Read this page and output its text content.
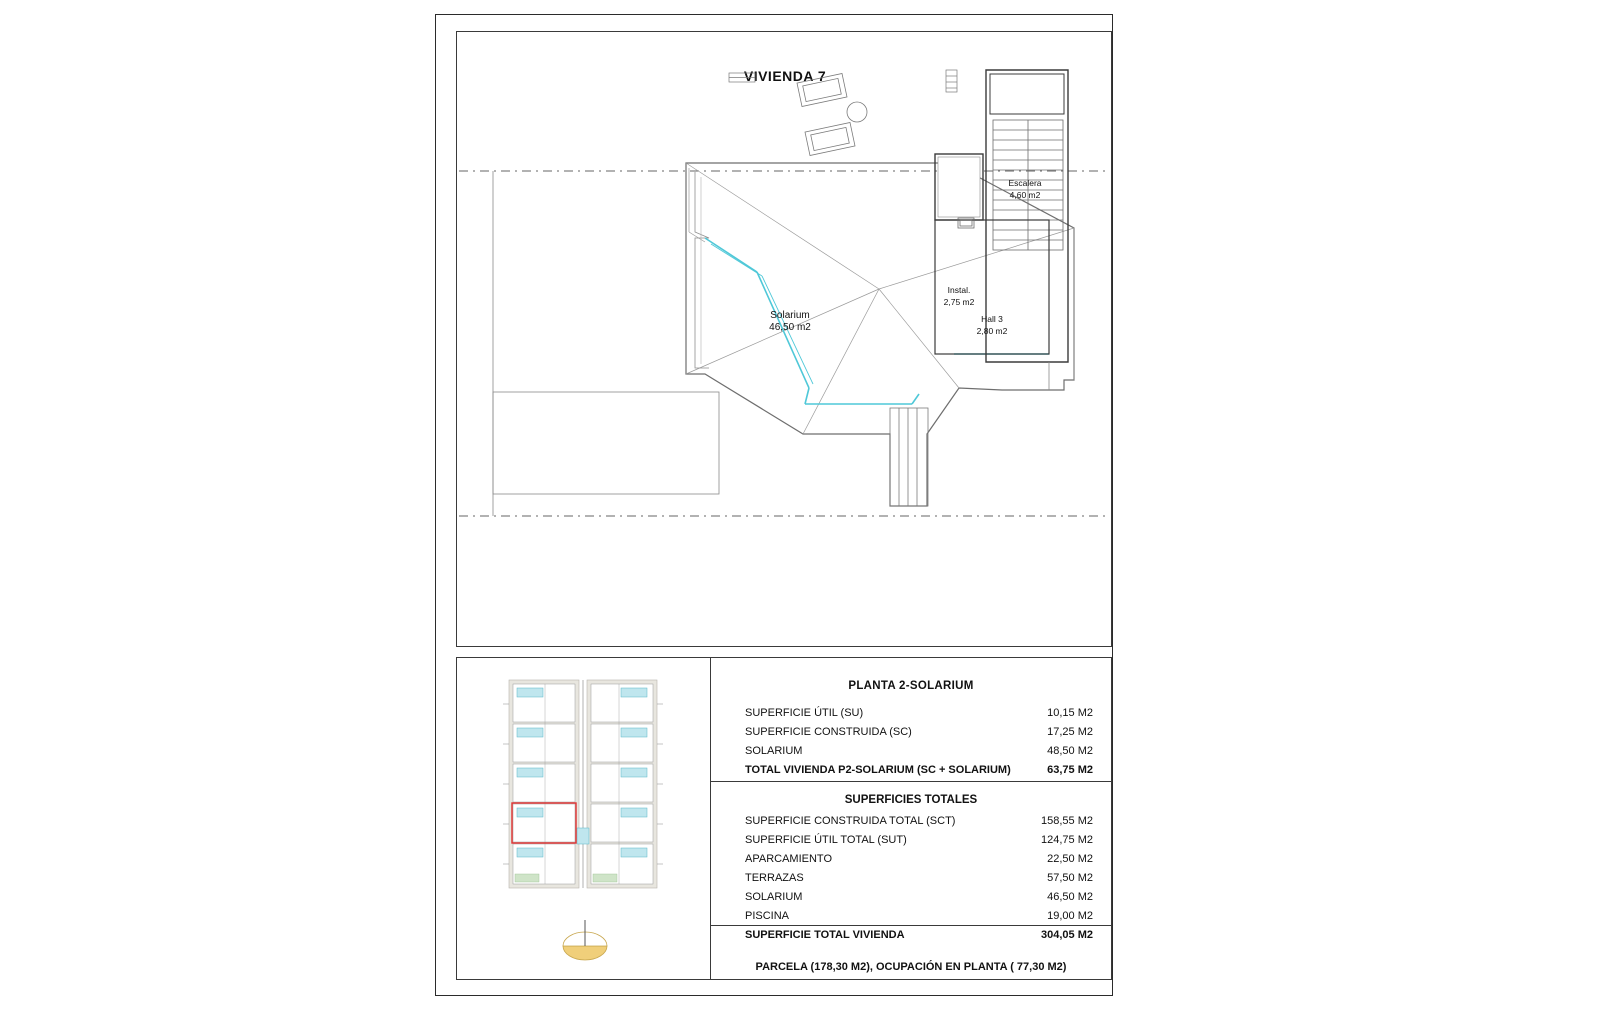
VIVIENDA 7
Solarium
46,50 m2
Escalera
4,60 m2
Instal.
2,75 m2
Hall 3
2,80 m2
PLANTA 2-SOLARIUM
SUPERFICIE ÚTIL (SU)	10,15 M2
SUPERFICIE CONSTRUIDA (SC)	17,25 M2
SOLARIUM	48,50 M2
TOTAL VIVIENDA P2-SOLARIUM (SC + SOLARIUM)	63,75 M2
SUPERFICIES TOTALES
SUPERFICIE CONSTRUIDA TOTAL (SCT)	158,55 M2
SUPERFICIE ÚTIL TOTAL (SUT)	124,75 M2
APARCAMIENTO	22,50 M2
TERRAZAS	57,50 M2
SOLARIUM	46,50 M2
PISCINA	19,00 M2
SUPERFICIE TOTAL VIVIENDA	304,05 M2
PARCELA (178,30 M2), OCUPACIÓN EN PLANTA ( 77,30 M2)
